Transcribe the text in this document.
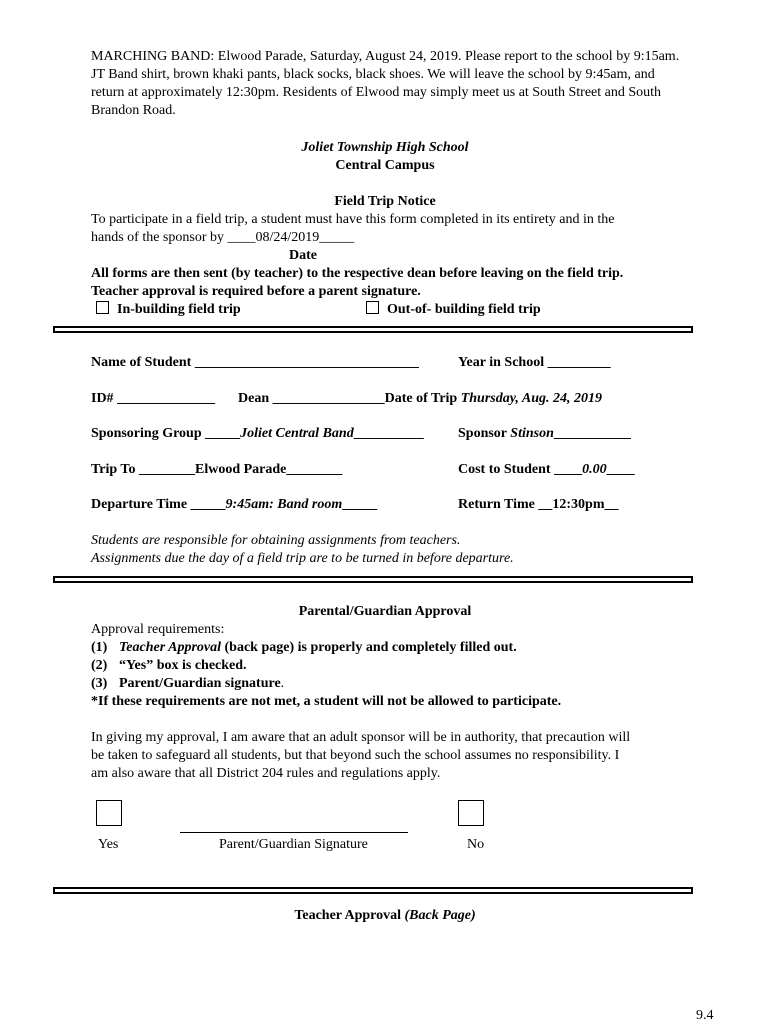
MARCHING BAND: Elwood Parade, Saturday, August 24, 2019. Please report to the school by 9:15am. JT Band shirt, brown khaki pants, black socks, black shoes. We will leave the school by 9:45am, and return at approximately 12:30pm. Residents of Elwood may simply meet us at South Street and South Brandon Road.
Joliet Township High School
Central Campus
Field Trip Notice
To participate in a field trip, a student must have this form completed in its entirety and in the
hands of the sponsor by ____08/24/2019_____
Date
All forms are then sent (by teacher) to the respective dean before leaving on the field trip.
Teacher approval is required before a parent signature.
In-building field trip	Out-of- building field trip
Name of Student ________________________________	Year in School _________
ID# ______________ Dean ________________Date of Trip Thursday, Aug. 24, 2019
Sponsoring Group _____Joliet Central Band__________ Sponsor Stinson___________
Trip To ________Elwood Parade________	Cost to Student ____0.00____
Departure Time _____9:45am: Band room_____	Return Time __12:30pm__
Students are responsible for obtaining assignments from teachers.
Assignments due the day of a field trip are to be turned in before departure.
Parental/Guardian Approval
Approval requirements:
(1) Teacher Approval (back page) is properly and completely filled out.
(2) “Yes” box is checked.
(3) Parent/Guardian signature.
*If these requirements are not met, a student will not be allowed to participate.
In giving my approval, I am aware that an adult sponsor will be in authority, that precaution will
be taken to safeguard all students, but that beyond such the school assumes no responsibility. I
am also aware that all District 204 rules and regulations apply.
Yes	Parent/Guardian Signature	No
Teacher Approval (Back Page)
9.4
